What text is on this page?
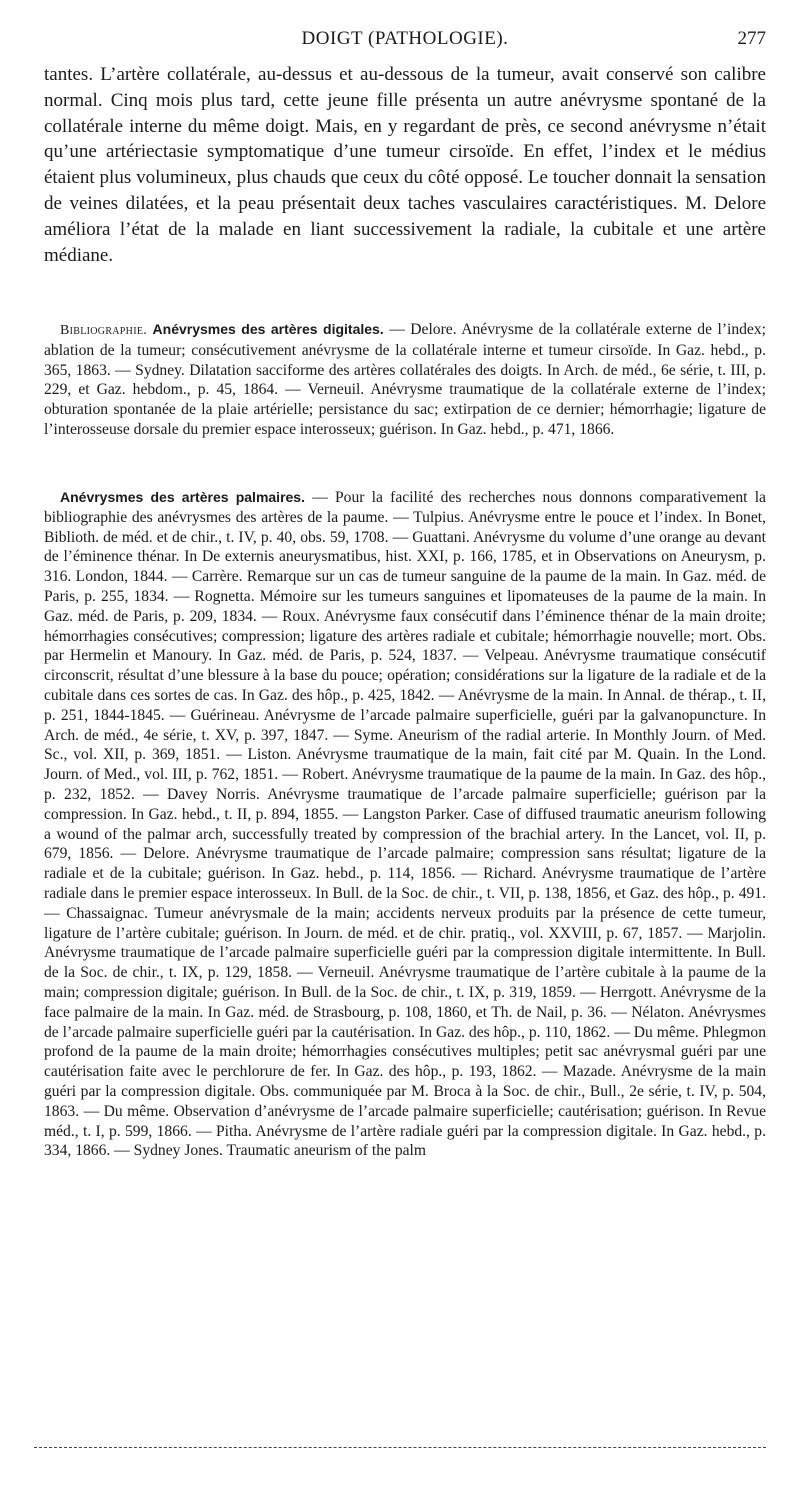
DOIGT (PATHOLOGIE).	277
tantes. L’artère collatérale, au-dessus et au-dessous de la tumeur, avait conservé son calibre normal. Cinq mois plus tard, cette jeune fille présenta un autre anévrysme spontané de la collatérale interne du même doigt. Mais, en y regardant de près, ce second anévrysme n’était qu’une artériectasie symptomatique d’une tumeur cirsoïde. En effet, l’index et le médius étaient plus volumineux, plus chauds que ceux du côté opposé. Le toucher donnait la sensation de veines dilatées, et la peau présentait deux taches vasculaires caractéristiques. M. Delore améliora l’état de la malade en liant successivement la radiale, la cubitale et une artère médiane.

Bibliographie. Anévrysmes des artères digitales. — Delore. Anévrysme de la collatérale externe de l’index; ablation de la tumeur; consécutivement anévrysme de la collatérale interne et tumeur cirsoïde. In Gaz. hebd., p. 365, 1863. — Sydney. Dilatation sacciforme des artères collatérales des doigts. In Arch. de méd., 6e série, t. III, p. 229, et Gaz. hebdom., p. 45, 1864. — Verneuil. Anévrysme traumatique de la collatérale externe de l’index; obturation spontanée de la plaie artérielle; persistance du sac; extirpation de ce dernier; hémorrhagie; ligature de l’interosseuse dorsale du premier espace interosseux; guérison. In Gaz. hebd., p. 471, 1866.

Anévrysmes des artères palmaires. — Pour la facilité des recherches nous donnons comparativement la bibliographie des anévrysmes des artères de la paume. — Tulpius. Anévrysme entre le pouce et l’index. In Bonet, Biblioth. de méd. et de chir., t. IV, p. 40, obs. 59, 1708. — Guattani. Anévrysme du volume d’une orange au devant de l’éminence thénar. In De externis aneurysmatibus, hist. XXI, p. 166, 1785, et in Observations on Aneurysm, p. 316. London, 1844. — Carrère. Remarque sur un cas de tumeur sanguine de la paume de la main. In Gaz. méd. de Paris, p. 255, 1834. — Rognetta. Mémoire sur les tumeurs sanguines et lipomateuses de la paume de la main. In Gaz. méd. de Paris, p. 209, 1834. — Roux. Anévrysme faux consécutif dans l’éminence thénar de la main droite; hémorrhagies consécutives; compression; ligature des artères radiale et cubitale; hémorrhagie nouvelle; mort. Obs. par Hermelin et Manoury. In Gaz. méd. de Paris, p. 524, 1837. — Velpeau. Anévrysme traumatique consécutif circonscrit, résultat d’une blessure à la base du pouce; opération; considérations sur la ligature de la radiale et de la cubitale dans ces sortes de cas. In Gaz. des hôp., p. 425, 1842. — Anévrysme de la main. In Annal. de thérap., t. II, p. 251, 1844-1845. — Guérineau. Anévrysme de l’arcade palmaire superficielle, guéri par la galvanopuncture. In Arch. de méd., 4e série, t. XV, p. 397, 1847. — Syme. Aneurism of the radial arterie. In Monthly Journ. of Med. Sc., vol. XII, p. 369, 1851. — Liston. Anévrysme traumatique de la main, fait cité par M. Quain. In the Lond. Journ. of Med., vol. III, p. 762, 1851. — Robert. Anévrysme traumatique de la paume de la main. In Gaz. des hôp., p. 232, 1852. — Davey Norris. Anévrysme traumatique de l’arcade palmaire superficielle; guérison par la compression. In Gaz. hebd., t. II, p. 894, 1855. — Langston Parker. Case of diffused traumatic aneurism following a wound of the palmar arch, successfully treated by compression of the brachial artery. In the Lancet, vol. II, p. 679, 1856. — Delore. Anévrysme traumatique de l’arcade palmaire; compression sans résultat; ligature de la radiale et de la cubitale; guérison. In Gaz. hebd., p. 114, 1856. — Richard. Anévrysme traumatique de l’artère radiale dans le premier espace interosseux. In Bull. de la Soc. de chir., t. VII, p. 138, 1856, et Gaz. des hôp., p. 491. — Chassaignac. Tumeur anévrysmale de la main; accidents nerveux produits par la présence de cette tumeur, ligature de l’artère cubitale; guérison. In Journ. de méd. et de chir. pratiq., vol. XXVIII, p. 67, 1857. — Marjolin. Anévrysme traumatique de l’arcade palmaire superficielle guéri par la compression digitale intermittente. In Bull. de la Soc. de chir., t. IX, p. 129, 1858. — Verneuil. Anévrysme traumatique de l’artère cubitale à la paume de la main; compression digitale; guérison. In Bull. de la Soc. de chir., t. IX, p. 319, 1859. — Herrgott. Anévrysme de la face palmaire de la main. In Gaz. méd. de Strasbourg, p. 108, 1860, et Th. de Nail, p. 36. — Nélaton. Anévrysmes de l’arcade palmaire superficielle guéri par la cautérisation. In Gaz. des hôp., p. 110, 1862. — Du même. Phlegmon profond de la paume de la main droite; hémorrhagies consécutives multiples; petit sac anévrysmal guéri par une cautérisation faite avec le perchlorure de fer. In Gaz. des hôp., p. 193, 1862. — Mazade. Anévrysme de la main guéri par la compression digitale. Obs. communiquée par M. Broca à la Soc. de chir., Bull., 2e série, t. IV, p. 504, 1863. — Du même. Observation d’anévrysme de l’arcade palmaire superficielle; cautérisation; guérison. In Revue méd., t. I, p. 599, 1866. — Pitha. Anévrysme de l’artère radiale guéri par la compression digitale. In Gaz. hebd., p. 334, 1866. — Sydney Jones. Traumatic aneurism of the palm
